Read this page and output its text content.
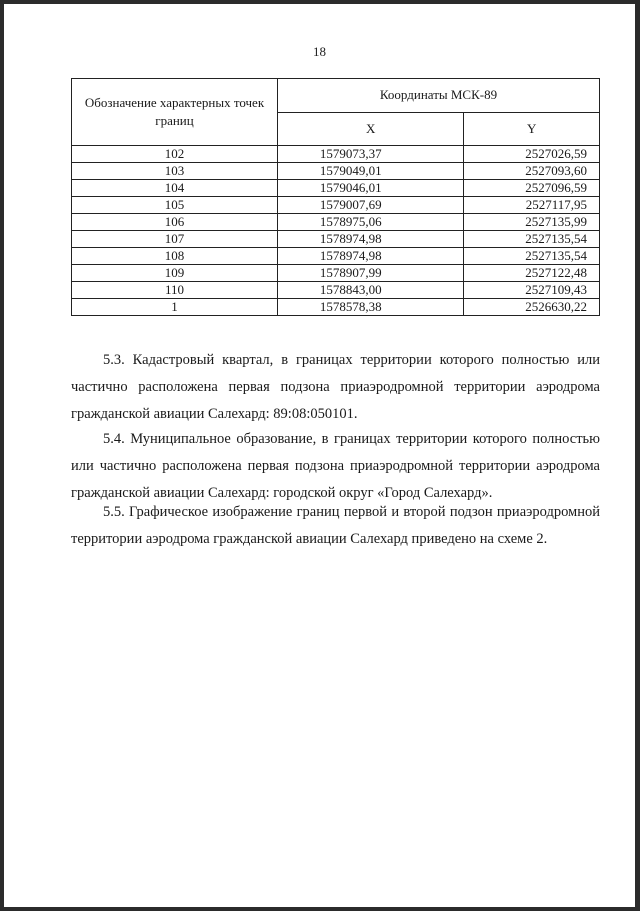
18
Обозначение характерных точек границ	Координаты МСК-89	
	X	Y
102	1579073,37	2527026,59
103	1579049,01	2527093,60
104	1579046,01	2527096,59
105	1579007,69	2527117,95
106	1578975,06	2527135,99
107	1578974,98	2527135,54
108	1578974,98	2527135,54
109	1578907,99	2527122,48
110	1578843,00	2527109,43
1	1578578,38	2526630,22

5.3. Кадастровый квартал, в границах территории которого полностью или частично расположена первая подзона приаэродромной территории аэродрома гражданской авиации Салехард: 89:08:050101.

5.4. Муниципальное образование, в границах территории которого полностью или частично расположена первая подзона приаэродромной территории аэродрома гражданской авиации Салехард: городской округ «Город Салехард».

5.5. Графическое изображение границ первой и второй подзон приаэродромной территории аэродрома гражданской авиации Салехард приведено на схеме 2.
